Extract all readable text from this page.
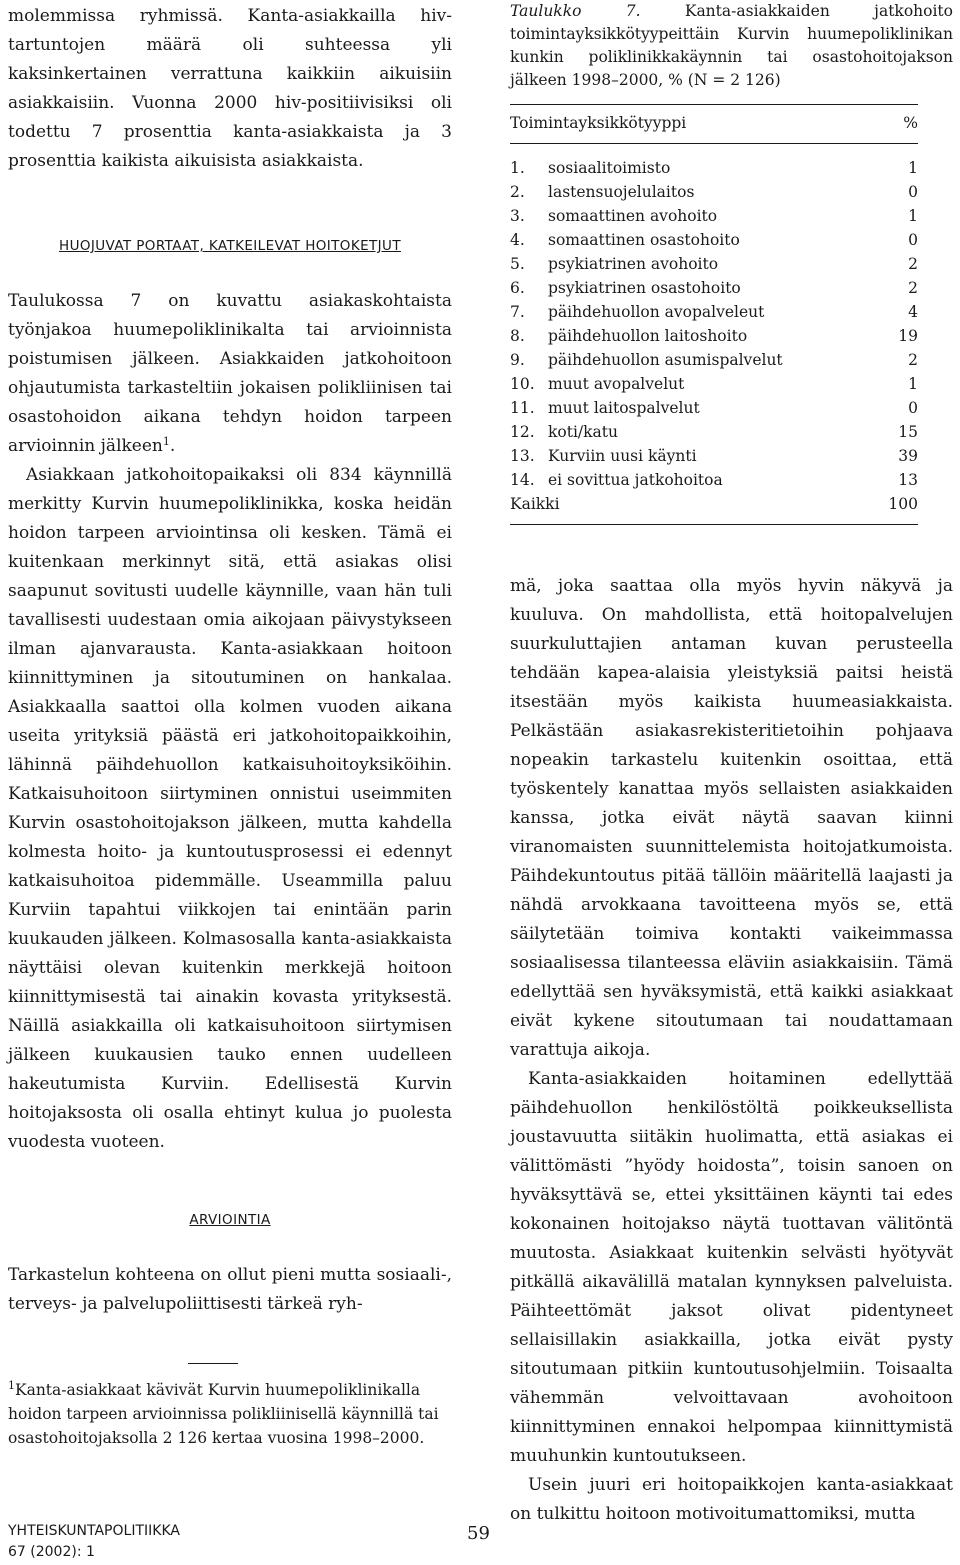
molemmissa ryhmissä. Kanta-asiakkailla hiv-tartuntojen määrä oli suhteessa yli kaksinkertainen verrattuna kaikkiin aikuisiin asiakkaisiin. Vuonna 2000 hiv-positiivisiksi oli todettu 7 prosenttia kanta-asiakkaista ja 3 prosenttia kaikista aikuisista asiakkaista.

HUOJUVAT PORTAAT, KATKEILEVAT HOITOKETJUT

Taulukossa 7 on kuvattu asiakaskohtaista työnjakoa huumepoliklinikalta tai arvioinnista poistumisen jälkeen. Asiakkaiden jatkohoitoon ohjautumista tarkasteltiin jokaisen polikliinisen tai osastohoidon aikana tehdyn hoidon tarpeen arvioinnin jälkeen$^1$.

Asiakkaan jatkohoitopaikaksi oli 834 käynnillä merkitty Kurvin huumepoliklinikka, koska heidän hoidon tarpeen arviointinsa oli kesken. Tämä ei kuitenkaan merkinnyt sitä, että asiakas olisi saapunut sovitusti uudelle käynnille, vaan hän tuli tavallisesti uudestaan omia aikojaan päivystykseen ilman ajanvarausta. Kanta-asiakkaan hoitoon kiinnittyminen ja sitoutuminen on hankalaa. Asiakkaalla saattoi olla kolmen vuoden aikana useita yrityksiä päästä eri jatkohoitopaikkoihin, lähinnä päihdehuollon katkaisuhoitoyksiköihin. Katkaisuhoitoon siirtyminen onnistui useimmiten Kurvin osastohoitojakson jälkeen, mutta kahdella kolmesta hoito- ja kuntoutusprosessi ei edennyt katkaisuhoitoa pidemmälle. Useammilla paluu Kurviin tapahtui viikkojen tai enintään parin kuukauden jälkeen. Kolmasosalla kanta-asiakkaista näyttäisi olevan kuitenkin merkkejä hoitoon kiinnittymisestä tai ainakin kovasta yrityksestä. Näillä asiakkailla oli katkaisuhoitoon siirtymisen jälkeen kuukausien tauko ennen uudelleen hakeutumista Kurviin. Edellisestä Kurvin hoitojaksosta oli osalla ehtinyt kulua jo puolesta vuodesta vuoteen.

ARVIOINTIA

Tarkastelun kohteena on ollut pieni mutta sosiaali-, terveys- ja palvelupoliittisesti tärkeä ryh-

$^1$Kanta-asiakkaat kävivät Kurvin huumepoliklinikalla hoidon tarpeen arvioinnissa polikliinisellä käynnillä tai osastohoitojaksolla 2 126 kertaa vuosina 1998–2000.

YHTEISKUNTAPOLITIIKKA
67 (2002): 1
59

Taulukko 7.	Kanta-asiakkaiden jatkohoito toimintayksikkötyypeittäin Kurvin huumepoliklinikan kunkin poliklinikkakäynnin tai osastohoitojakson jälkeen 1998–2000, % (N = 2 126)

Toimintayksikkötyyppi	%
1.	sosiaalitoimisto	1
2.	lastensuojelulaitos	0
3.	somaattinen avohoito	1
4.	somaattinen osastohoito	0
5.	psykiatrinen avohoito	2
6.	psykiatrinen osastohoito	2
7.	päihdehuollon avopalveleut	4
8.	päihdehuollon laitoshoito	19
9.	päihdehuollon asumispalvelut	2
10. muut avopalvelut	1
11. muut laitospalvelut	0
12. koti/katu	15
13. Kurviin uusi käynti	39
14. ei sovittua jatkohoitoa	13
Kaikki	100

mä, joka saattaa olla myös hyvin näkyvä ja kuuluva. On mahdollista, että hoitopalvelujen suurkuluttajien antaman kuvan perusteella tehdään kapea-alaisia yleistyksiä paitsi heistä itsestään myös kaikista huumeasiakkaista. Pelkästään asiakasrekisteritietoihin pohjaava nopeakin tarkastelu kuitenkin osoittaa, että työskentely kanattaa myös sellaisten asiakkaiden kanssa, jotka eivät näytä saavan kiinni viranomaisten suunnittelemista hoitojatkumoista. Päihdekuntoutus pitää tällöin määritellä laajasti ja nähdä arvokkaana tavoitteena myös se, että säilytetään toimiva kontakti vaikeimmassa sosiaalisessa tilanteessa eläviin asiakkaisiin. Tämä edellyttää sen hyväksymistä, että kaikki asiakkaat eivät kykene sitoutumaan tai noudattamaan varattuja aikoja.

Kanta-asiakkaiden hoitaminen edellyttää päihdehuollon henkilöstöltä poikkeuksellista joustavuutta siitäkin huolimatta, että asiakas ei välittömästi ”hyödy hoidosta”, toisin sanoen on hyväksyttävä se, ettei yksittäinen käynti tai edes kokonainen hoitojakso näytä tuottavan välitöntä muutosta. Asiakkaat kuitenkin selvästi hyötyvät pitkällä aikavälillä matalan kynnyksen palveluista. Päihteettömät jaksot olivat pidentyneet sellaisillakin asiakkailla, jotka eivät pysty sitoutumaan pitkiin kuntoutusohjelmiin. Toisaalta vähemmän velvoittavaan avohoitoon kiinnittyminen ennakoi helpompaa kiinnittymistä muuhunkin kuntoutukseen.

Usein juuri eri hoitopaikkojen kanta-asiakkaat on tulkittu hoitoon motivoitumattomiksi, mutta
